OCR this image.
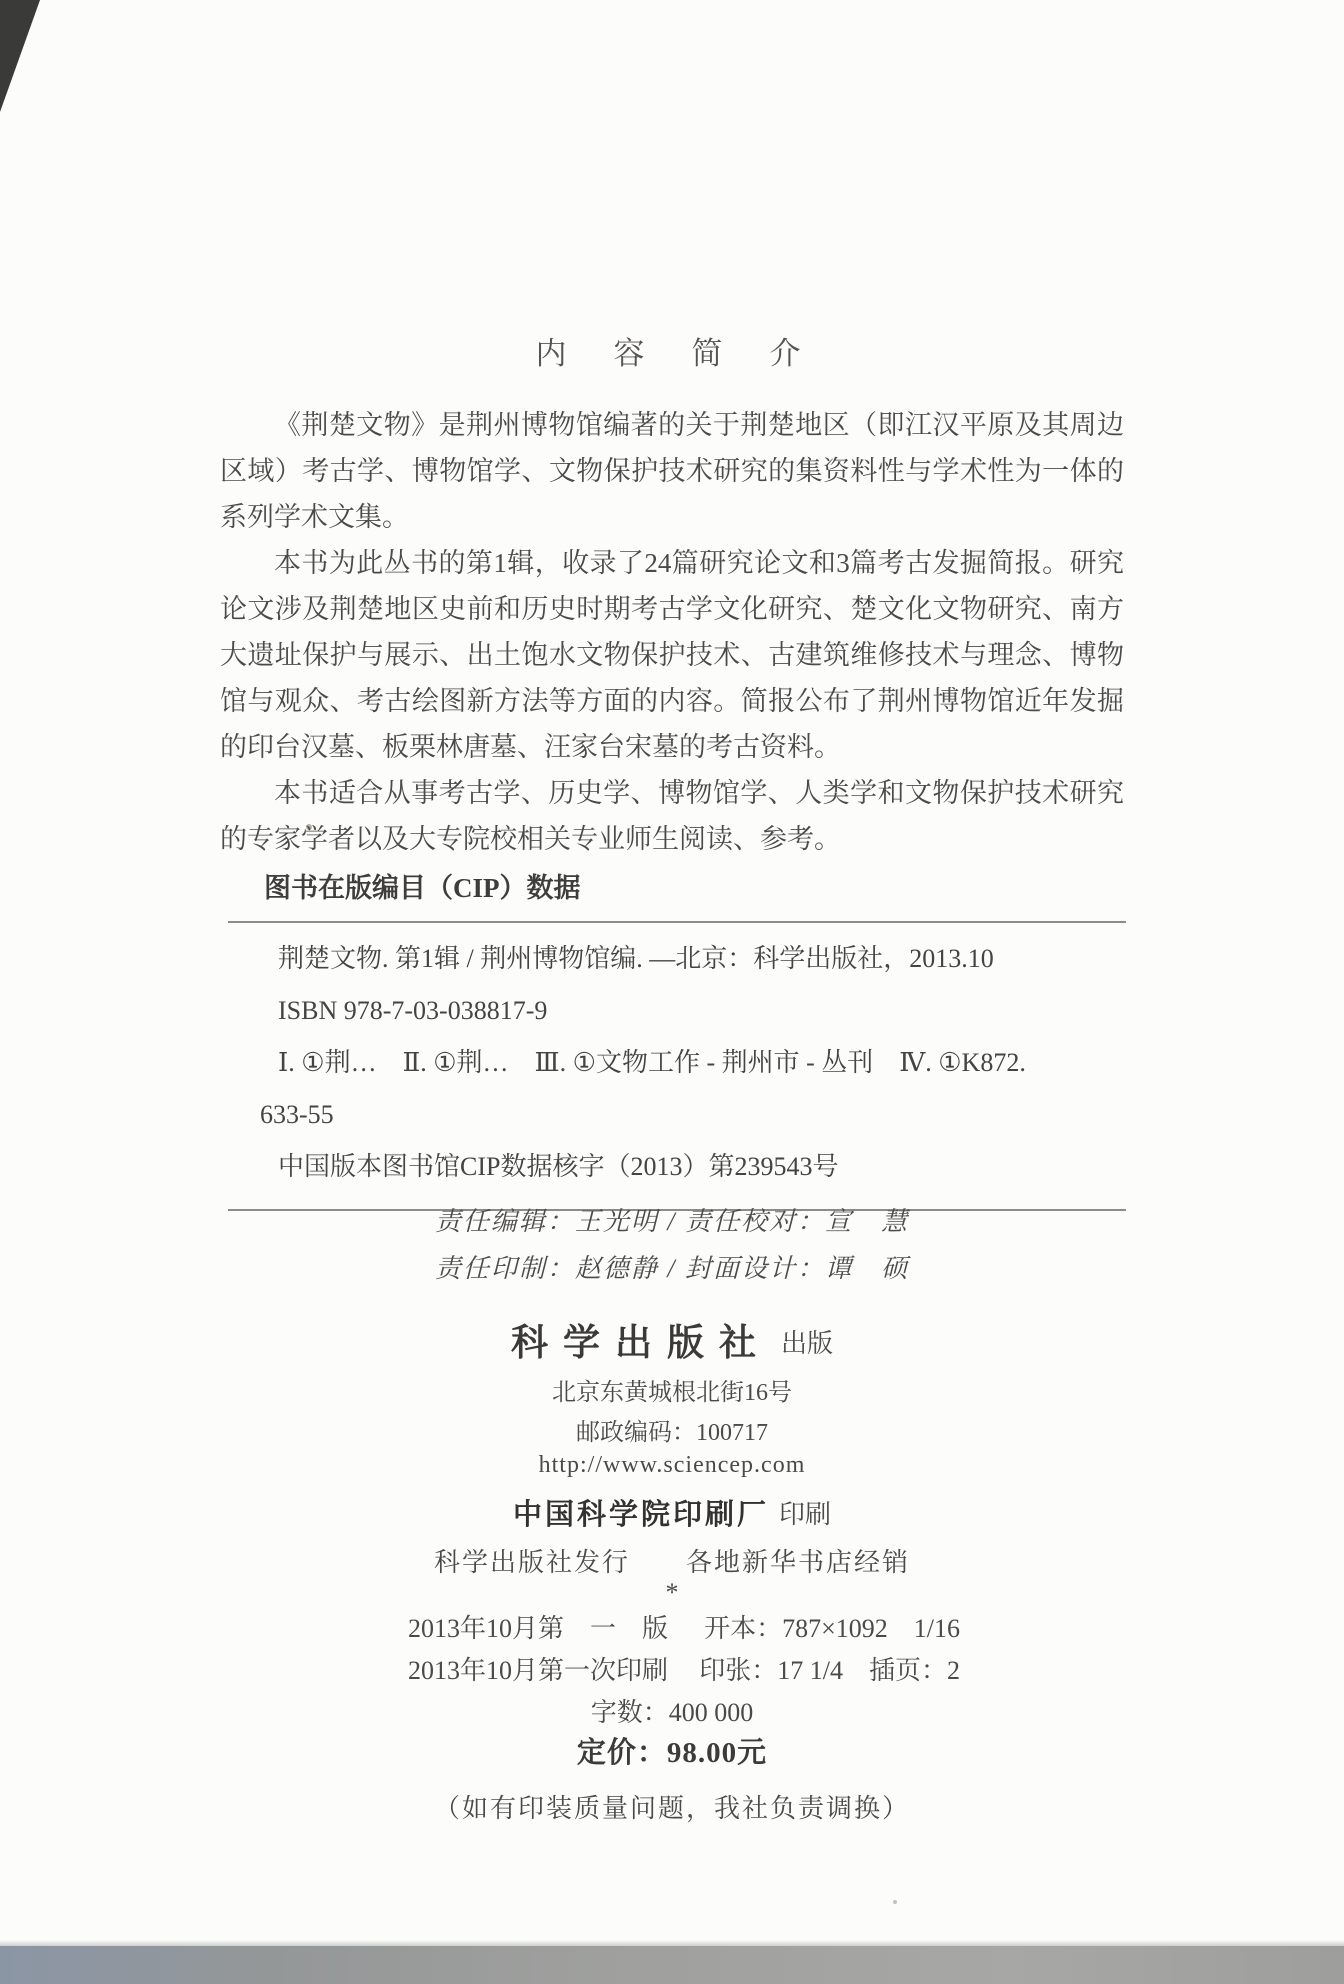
内　容　简　介

《荆楚文物》是荆州博物馆编著的关于荆楚地区（即江汉平原及其周边区域）考古学、博物馆学、文物保护技术研究的集资料性与学术性为一体的系列学术文集。

本书为此丛书的第1辑，收录了24篇研究论文和3篇考古发掘简报。研究论文涉及荆楚地区史前和历史时期考古学文化研究、楚文化文物研究、南方大遗址保护与展示、出土饱水文物保护技术、古建筑维修技术与理念、博物馆与观众、考古绘图新方法等方面的内容。简报公布了荆州博物馆近年发掘的印台汉墓、板栗林唐墓、汪家台宋墓的考古资料。

本书适合从事考古学、历史学、博物馆学、人类学和文物保护技术研究的专家学者以及大专院校相关专业师生阅读、参考。

图书在版编目（CIP）数据

荆楚文物. 第1辑 / 荆州博物馆编. —北京：科学出版社，2013.10

ISBN 978-7-03-038817-9

Ⅰ. ①荆…　Ⅱ. ①荆…　Ⅲ. ①文物工作 - 荆州市 - 丛刊　Ⅳ. ①K872.

633-55

中国版本图书馆CIP数据核字（2013）第239543号

责任编辑：王光明 / 责任校对：宣　慧
责任印制：赵德静 / 封面设计：谭　硕
科学出版社 出版
北京东黄城根北街16号
邮政编码：100717
http://www.sciencep.com
中国科学院印刷厂 印刷
科学出版社发行　　各地新华书店经销
*
2013年10月第　一　版 开本：787×1092　1/16
2013年10月第一次印刷 印张：17 1/4　插页：2
字数：400 000
定价：98.00元
（如有印装质量问题，我社负责调换）
